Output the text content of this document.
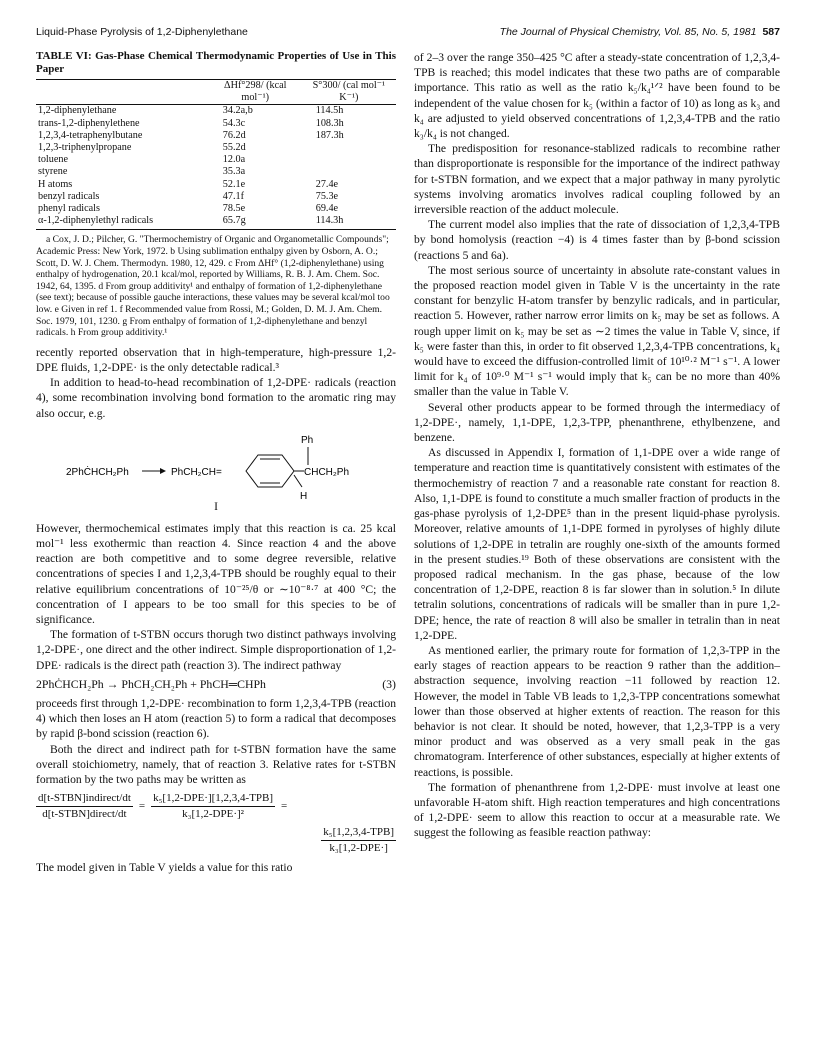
Liquid-Phase Pyrolysis of 1,2-Diphenylethane	The Journal of Physical Chemistry, Vol. 85, No. 5, 1981 587
TABLE VI: Gas-Phase Chemical Thermodynamic Properties of Use in This Paper
	ΔHf°298/ (kcal mol⁻¹)	S°300/ (cal mol⁻¹ K⁻¹)
1,2-diphenylethane	34.2a,b	114.5h
trans-1,2-diphenylethene	54.3c	108.3h
1,2,3,4-tetraphenylbutane	76.2d	187.3h
1,2,3-triphenylpropane	55.2d	
toluene	12.0a	
styrene	35.3a	
H atoms	52.1e	27.4e
benzyl radicals	47.1f	75.3e
phenyl radicals	78.5e	69.4e
α-1,2-diphenylethyl radicals	65.7g	114.3h

a Cox, J. D.; Pilcher, G. "Thermochemistry of Organic and Organometallic Compounds"; Academic Press: New York, 1972. b Using sublimation enthalpy given by Osborn, A. O.; Scott, D. W. J. Chem. Thermodyn. 1980, 12, 429. c From ΔHf° (1,2-diphenylethane) using enthalpy of hydrogenation, 20.1 kcal/mol, reported by Williams, R. B. J. Am. Chem. Soc. 1942, 64, 1395. d From group additivity¹ and enthalpy of formation of 1,2-diphenylethane (see text); because of possible gauche interactions, these values may be several kcal/mol too low. e Given in ref 1. f Recommended value from Rossi, M.; Golden, D. M. J. Am. Chem. Soc. 1979, 101, 1230. g From enthalpy of formation of 1,2-diphenylethane and benzyl radicals. h From group additivity.¹

recently reported observation that in high-temperature, high-pressure 1,2-DPE fluids, 1,2-DPE· is the only detectable radical.³

In addition to head-to-head recombination of 1,2-DPE· radicals (reaction 4), some recombination involving bond formation to the aromatic ring may also occur, e.g.

2PhĊHCH₂Ph	PhCH₂CH=	CHCH₂Ph
Ph
H
I

However, thermochemical estimates imply that this reaction is ca. 25 kcal mol⁻¹ less exothermic than reaction 4. Since reaction 4 and the above reaction are both competitive and to some degree reversible, relative concentrations of species I and 1,2,3,4-TPB should be roughly equal to their relative equilibrium concentrations of 10⁻²⁵/θ or ∼10⁻⁸·⁷ at 400 °C; the concentration of I appears to be too small for this species to be of significance.

The formation of t-STBN occurs thorugh two distinct pathways involving 1,2-DPE·, one direct and the other indirect. Simple disproportionation of 1,2-DPE· radicals is the direct path (reaction 3). The indirect pathway

2PhĊHCH₂Ph → PhCH₂CH₂Ph + PhCH═CHPh	(3)

proceeds first through 1,2-DPE· recombination to form 1,2,3,4-TPB (reaction 4) which then loses an H atom (reaction 5) to form a radical that decomposes by rapid β-bond scission (reaction 6).

Both the direct and indirect path for t-STBN formation have the same overall stoichiometry, namely, that of reaction 3. Relative rates for t-STBN formation by the two paths may be written as

$\frac{\text{d[t-STBN]indirect/dt}}{\text{d[t-STBN]direct/dt}} = \frac{\text{k₅[1,2-DPE·][1,2,3,4-TPB]}}{\text{k₃[1,2-DPE·]²}}$ =
$\frac{\text{k₅[1,2,3,4-TPB]}}{\text{k₃[1,2-DPE·]}}$

The model given in Table V yields a value for this ratio

of 2–3 over the range 350–425 °C after a steady-state concentration of 1,2,3,4-TPB is reached; this model indicates that these two paths are of comparable importance. This ratio as well as the ratio k₅/k₄¹ᐟ² have been found to be independent of the value chosen for k₅ (within a factor of 10) as long as k₃ and k₄ are adjusted to yield observed concentrations of 1,2,3,4-TPB and the ratio k₃/k₄ is not changed.

The predisposition for resonance-stablized radicals to recombine rather than disproportionate is responsible for the importance of the indirect pathway for t-STBN formation, and we expect that a major pathway in many pyrolytic systems involving aromatics involves radical coupling followed by an irreversible reaction of the adduct molecule.

The current model also implies that the rate of dissociation of 1,2,3,4-TPB by bond homolysis (reaction −4) is 4 times faster than by β-bond scission (reactions 5 and 6a).

The most serious source of uncertainty in absolute rate-constant values in the proposed reaction model given in Table V is the uncertainty in the rate constant for benzylic H-atom transfer by benzylic radicals, and in particular, reaction 5. However, rather narrow error limits on k₅ may be set as follows. A rough upper limit on k₅ may be set as ∼2 times the value in Table V, since, if k₅ were faster than this, in order to fit observed 1,2,3,4-TPB concentrations, k₄ would have to exceed the diffusion-controlled limit of 10¹⁰·² M⁻¹ s⁻¹. A lower limit for k₄ of 10⁹·⁰ M⁻¹ s⁻¹ would imply that k₅ can be no more than 40% smaller than the value in Table V.

Several other products appear to be formed through the intermediacy of 1,2-DPE·, namely, 1,1-DPE, 1,2,3-TPP, phenanthrene, ethylbenzene, and benzene.

As discussed in Appendix I, formation of 1,1-DPE over a wide range of temperature and reaction time is quantitatively consistent with estimates of the thermochemistry of reaction 7 and a reasonable rate constant for reaction 8. Also, 1,1-DPE is found to constitute a much smaller fraction of products in the gas-phase pyrolysis of 1,2-DPE⁵ than in the present liquid-phase pyrolysis. Moreover, relative amounts of 1,1-DPE formed in pyrolyses of highly dilute solutions of 1,2-DPE in tetralin are roughly one-sixth of the amounts formed in the present studies.¹⁹ Both of these observations are consistent with the proposed radical mechanism. In the gas phase, because of the low concentration of 1,2-DPE, reaction 8 is far slower than in solution.⁵ In dilute tetralin solutions, concentrations of radicals will be smaller than in pure 1,2-DPE; hence, the rate of reaction 8 will also be smaller in tetralin than in neat 1,2-DPE.

As mentioned earlier, the primary route for formation of 1,2,3-TPP in the early stages of reaction appears to be reaction 9 rather than the addition–abstraction sequence, involving reaction −11 followed by reaction 12. However, the model in Table VB leads to 1,2,3-TPP concentrations somewhat lower than those observed at higher extents of reaction. The reason for this behavior is not clear. It should be noted, however, that 1,2,3-TPP is a very minor product and was observed as a very small peak in the gas chromatogram. Interference of other substances, especially at higher extents of reactions, is possible.

The formation of phenanthrene from 1,2-DPE· must involve at least one unfavorable H-atom shift. High reaction temperatures and high concentrations of 1,2-DPE· seem to allow this reaction to occur at a measurable rate. We suggest the following as feasible reaction pathway:
